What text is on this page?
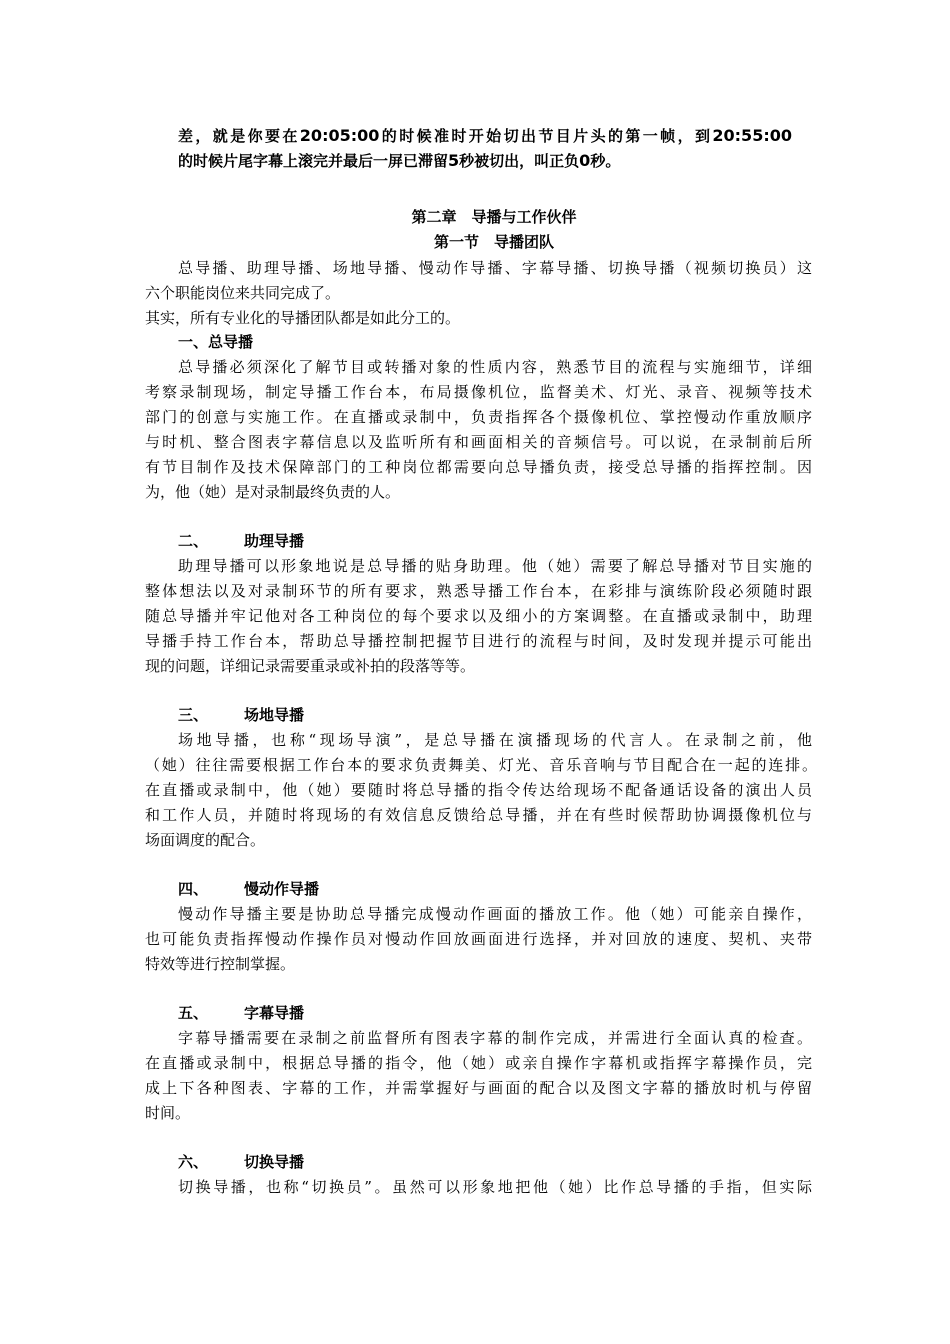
差，就是你要在20:05:00的时候准时开始切出节目片头的第一帧，到20:55:00
的时候片尾字幕上滚完并最后一屏已滞留5秒被切出，叫正负0秒。
第二章　导播与工作伙伴
第一节　导播团队
总导播、助理导播、场地导播、慢动作导播、字幕导播、切换导播（视频切换员）这
六个职能岗位来共同完成了。
其实，所有专业化的导播团队都是如此分工的。
一、总导播
总导播必须深化了解节目或转播对象的性质内容，熟悉节目的流程与实施细节，详细
考察录制现场，制定导播工作台本，布局摄像机位，监督美术、灯光、录音、视频等技术
部门的创意与实施工作。在直播或录制中，负责指挥各个摄像机位、掌控慢动作重放顺序
与时机、整合图表字幕信息以及监听所有和画面相关的音频信号。可以说，在录制前后所
有节目制作及技术保障部门的工种岗位都需要向总导播负责，接受总导播的指挥控制。因
为，他（她）是对录制最终负责的人。
二、 助理导播
助理导播可以形象地说是总导播的贴身助理。他（她）需要了解总导播对节目实施的
整体想法以及对录制环节的所有要求，熟悉导播工作台本，在彩排与演练阶段必须随时跟
随总导播并牢记他对各工种岗位的每个要求以及细小的方案调整。在直播或录制中，助理
导播手持工作台本，帮助总导播控制把握节目进行的流程与时间，及时发现并提示可能出
现的问题，详细记录需要重录或补拍的段落等等。
三、 场地导播
场地导播，也称“现场导演”，是总导播在演播现场的代言人。在录制之前，他
（她）往往需要根据工作台本的要求负责舞美、灯光、音乐音响与节目配合在一起的连排。
在直播或录制中，他（她）要随时将总导播的指令传达给现场不配备通话设备的演出人员
和工作人员，并随时将现场的有效信息反馈给总导播，并在有些时候帮助协调摄像机位与
场面调度的配合。
四、 慢动作导播
慢动作导播主要是协助总导播完成慢动作画面的播放工作。他（她）可能亲自操作，
也可能负责指挥慢动作操作员对慢动作回放画面进行选择，并对回放的速度、契机、夹带
特效等进行控制掌握。
五、 字幕导播
字幕导播需要在录制之前监督所有图表字幕的制作完成，并需进行全面认真的检查。
在直播或录制中，根据总导播的指令，他（她）或亲自操作字幕机或指挥字幕操作员，完
成上下各种图表、字幕的工作，并需掌握好与画面的配合以及图文字幕的播放时机与停留
时间。
六、 切换导播
切换导播，也称“切换员”。虽然可以形象地把他（她）比作总导播的手指，但实际
